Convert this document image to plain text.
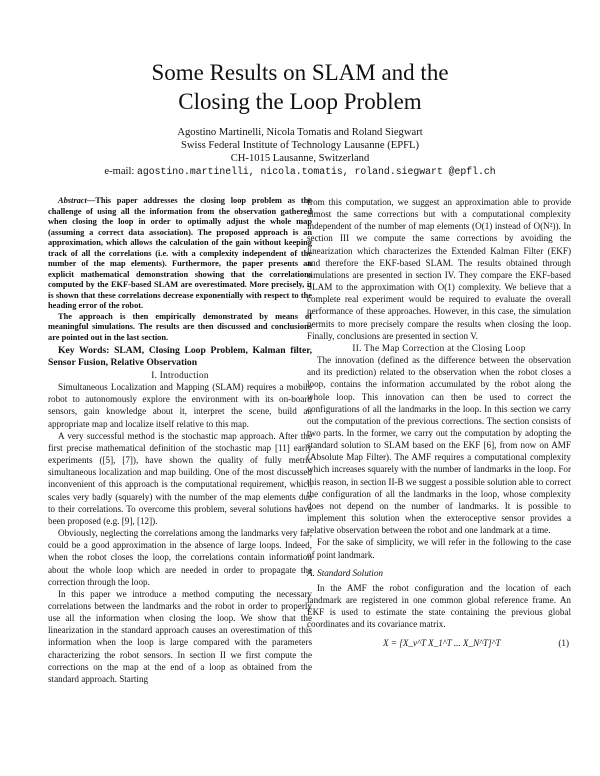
Some Results on SLAM and the
Closing the Loop Problem
Agostino Martinelli, Nicola Tomatis and Roland Siegwart
Swiss Federal Institute of Technology Lausanne (EPFL)
CH-1015 Lausanne, Switzerland
e-mail: agostino.martinelli, nicola.tomatis, roland.siegwart @epfl.ch

Abstract—This paper addresses the closing loop problem as the challenge of using all the information from the observation gathered when closing the loop in order to optimally adjust the whole map (assuming a correct data association). The proposed approach is an approximation, which allows the calculation of the gain without keeping track of all the correlations (i.e. with a complexity independent of the number of the map elements). Furthermore, the paper presents an explicit mathematical demonstration showing that the correlations computed by the EKF-based SLAM are overestimated. More precisely, it is shown that these correlations decrease exponentially with respect to the heading error of the robot.

The approach is then empirically demonstrated by means of meaningful simulations. The results are then discussed and conclusions are pointed out in the last section.

Key Words: SLAM, Closing Loop Problem, Kalman filter, Sensor Fusion, Relative Observation

I. Introduction

Simultaneous Localization and Mapping (SLAM) requires a mobile robot to autonomously explore the environment with its on-board sensors, gain knowledge about it, interpret the scene, build an appropriate map and localize itself relative to this map.

A very successful method is the stochastic map approach. After the first precise mathematical definition of the stochastic map [11] early experiments ([5], [7]), have shown the quality of fully metric simultaneous localization and map building. One of the most discussed inconvenient of this approach is the computational requirement, which scales very badly (squarely) with the number of the map elements due to their correlations. To overcome this problem, several solutions have been proposed (e.g. [9], [12]).

Obviously, neglecting the correlations among the landmarks very far, could be a good approximation in the absence of large loops. Indeed, when the robot closes the loop, the correlations contain information about the whole loop which are needed in order to propagate the correction through the loop.

In this paper we introduce a method computing the necessary correlations between the landmarks and the robot in order to properly use all the information when closing the loop. We show that the linearization in the standard approach causes an overestimation of this information when the loop is large compared with the parameters characterizing the robot sensors. In section II we first compute the corrections on the map at the end of a loop as obtained from the standard approach. Starting

from this computation, we suggest an approximation able to provide almost the same corrections but with a computational complexity independent of the number of map elements (O(1) instead of O(N²)). In section III we compute the same corrections by avoiding the linearization which characterizes the Extended Kalman Filter (EKF) and therefore the EKF-based SLAM. The results obtained through simulations are presented in section IV. They compare the EKF-based SLAM to the approximation with O(1) complexity. We believe that a complete real experiment would be required to evaluate the overall performance of these approaches. However, in this case, the simulation permits to more precisely compare the results when closing the loop. Finally, conclusions are presented in section V.

II. The Map Correction at the Closing Loop

The innovation (defined as the difference between the observation and its prediction) related to the observation when the robot closes a loop, contains the information accumulated by the robot along the whole loop. This innovation can then be used to correct the configurations of all the landmarks in the loop. In this section we carry out the computation of the previous corrections. The section consists of two parts. In the former, we carry out the computation by adopting the standard solution to SLAM based on the EKF [6], from now on AMF (Absolute Map Filter). The AMF requires a computational complexity which increases squarely with the number of landmarks in the loop. For this reason, in section II-B we suggest a possible solution able to correct the configuration of all the landmarks in the loop, whose complexity does not depend on the number of landmarks. It is possible to implement this solution when the exteroceptive sensor provides a relative observation between the robot and one landmark at a time.

For the sake of simplicity, we will refer in the following to the case of point landmark.

A. Standard Solution

In the AMF the robot configuration and the location of each landmark are registered in one common global reference frame. An EKF is used to estimate the state containing the previous global coordinates and its covariance matrix.

X = [X_v^T X_1^T ... X_N^T]^T	(1)
